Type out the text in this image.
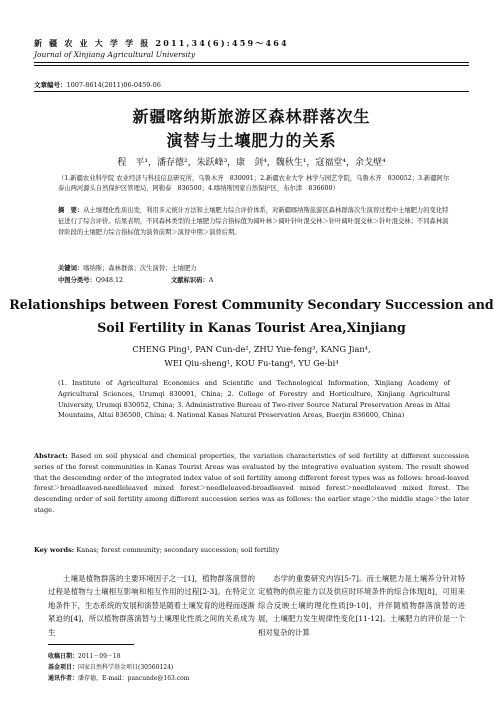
新 疆 农 业 大 学 学 报 2011,34(6):459～464
Journal of Xinjiang Agricultural University
文章编号：1007-8614(2011)06-0459-06
新疆喀纳斯旅游区森林群落次生
演替与土壤肥力的关系
程　平¹，潘存德²，朱跃峰³，康　剑⁴，魏秋生¹，寇福堂⁴，余戈壁⁴
（1.新疆农业科学院 农业经济与科技信息研究所，乌鲁木齐　830091；2.新疆农业大学 林学与园艺学院，乌鲁木齐　830052；3.新疆阿尔泰山两河源头自然保护区管理局，阿勒泰　836500；4.喀纳斯国家自然保护区，布尔津　836600）
摘　要：从土壤理化性质出发，利用多元统计方法和土壤肥力综合评价体系，对新疆喀纳斯旅游区森林群落次生演替过程中土壤肥力的变化特征进行了综合评价。结果表明，不同森林类型的土壤肥力综合指标值为阔叶林＞阔叶针叶混交林＞针叶阔叶混交林＞针叶混交林；不同森林演替阶段的土壤肥力综合指标值为演替前期＞演替中期＞演替后期。
关键词：喀纳斯；森林群落；次生演替；土壤肥力
中图分类号：Q948.12	文献标识码：A
Relationships between Forest Community Secondary Succession and
Soil Fertility in Kanas Tourist Area,Xinjiang
CHENG Ping¹, PAN Cun-de², ZHU Yue-feng³, KANG Jian⁴,
WEI Qiu-sheng¹, KOU Fu-tang⁴, YU Ge-bi⁴
(1. Institute of Agricultural Economics and Scientific and Technological Information, Xinjiang Academy of Agricultural Sciences, Urumqi 830091, China; 2. College of Forestry and Horticulture, Xinjiang Agricultural University, Urumqi 830052, China; 3. Administrative Bureau of Two-river Source Natural Preservation Areas in Altai Mountains, Altai 836500, China; 4. National Kanas Natural Preservation Areas, Buerjin 836600, China)
Abstract: Based on soil physical and chemical properties, the variation characteristics of soil fertility at different succession series of the forest communities in Kanas Tourist Areas was evaluated by the integrative evaluation system. The result showed that the descending order of the integrated index value of soil fertility among different forest types was as follows: broad-leaved forest＞broadleaved-needleleaved mixed forest＞needleleaved-broadleaved mixed forest＞needleleaved mixed forest. The descending order of soil fertility among different succession series was as follows: the earlier stage＞the middle stage＞the later stage.
Key words: Kanas; forest community; secondary succession; soil fertility
土壤是植物群落的主要环境因子之一[1]，植物群落演替的过程是植物与土壤相互影响和相互作用的过程[2-3]。在特定立地条件下，生态系统的发展和演替是随着土壤发育的进程而逐渐紧迫的[4]，所以植物群落演替与土壤理化性质之间的关系成为生
态学的重要研究内容[5-7]。而土壤肥力是土壤养分针对特定植物的供应能力以及供应时环境条件的综合体现[8]，可用来综合反映土壤的理化性质[9-10]，并伴随植物群落演替的进展，土壤肥力发生规律性变化[11-12]。土壤肥力的评价是一个相对复杂的计算
收稿日期：2011－09－18
基金项目：国家自然科学基金项目(30560124)
通讯作者：潘存德，E-mail：pancunde@163.com
